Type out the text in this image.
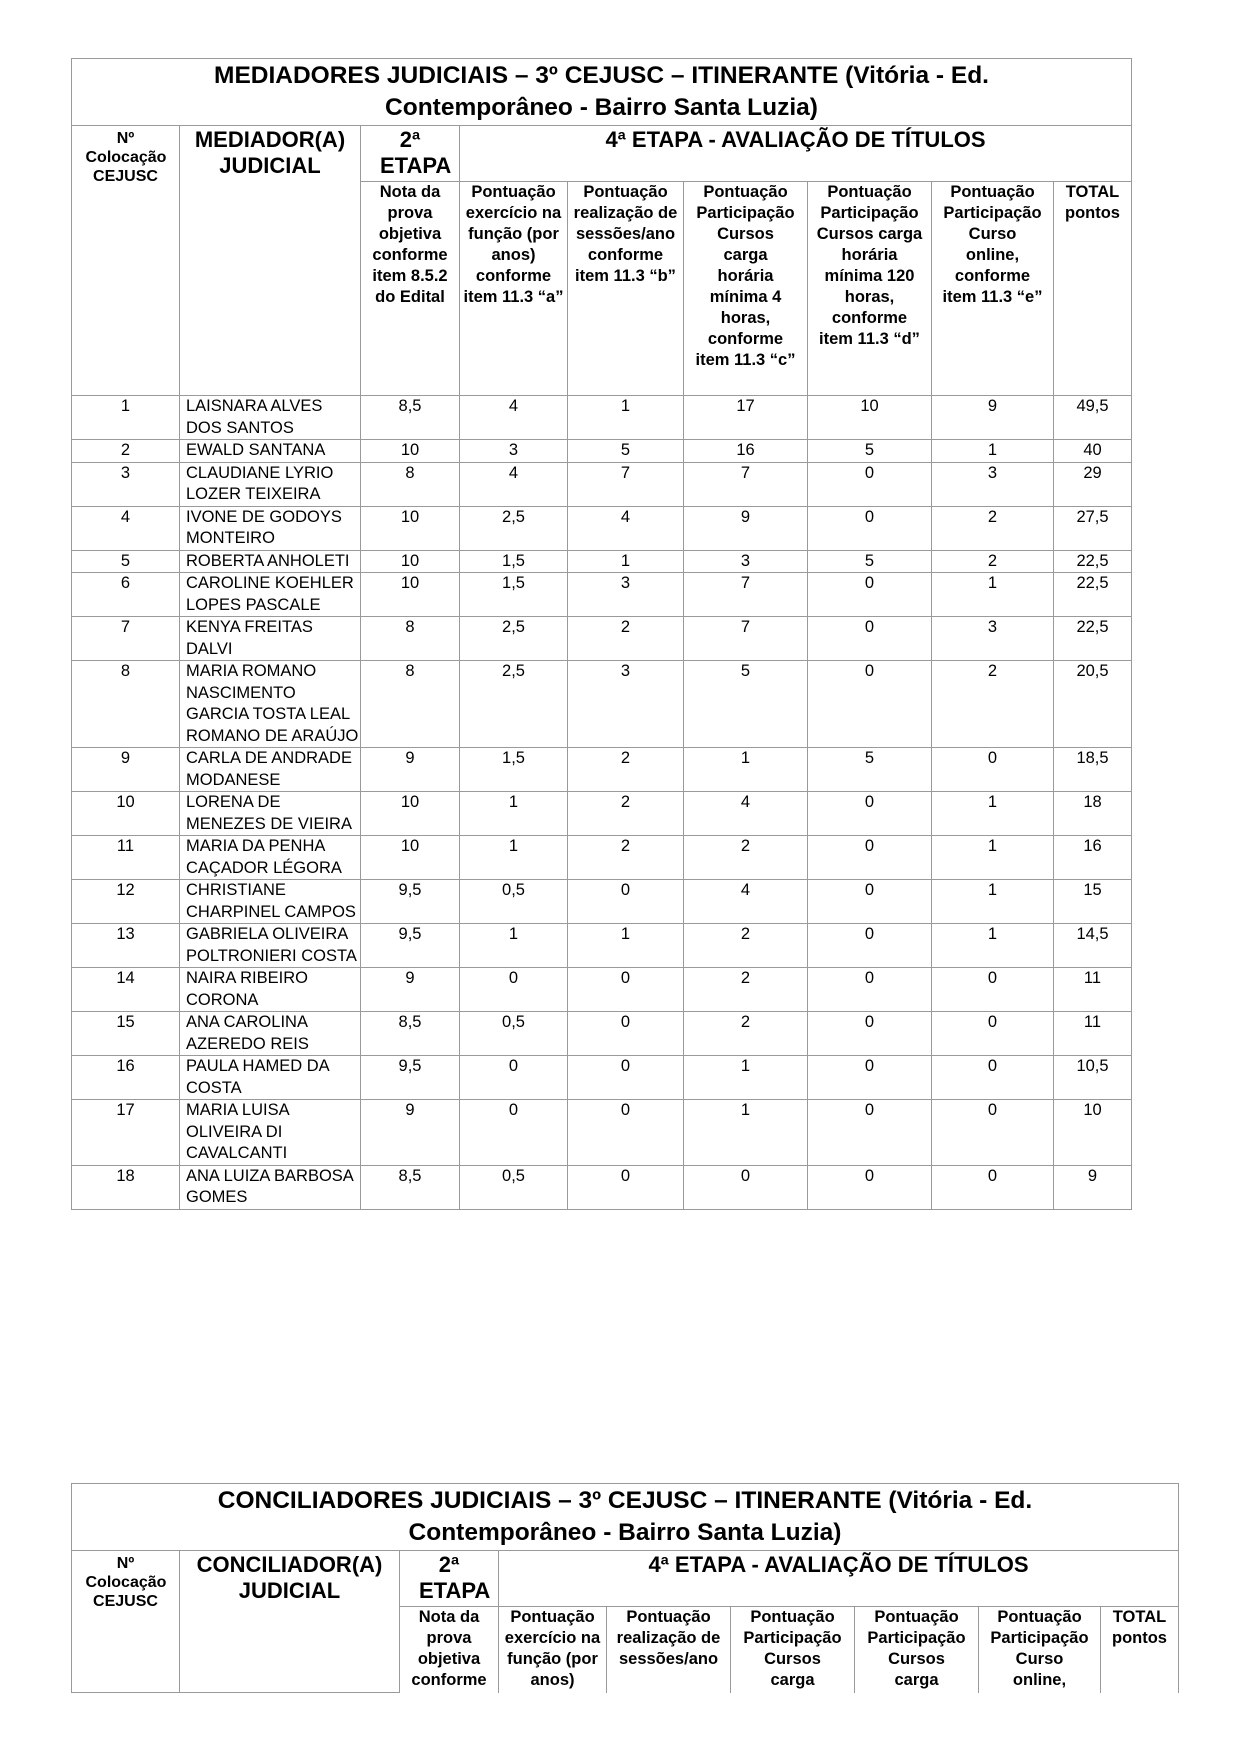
MEDIADORES JUDICIAIS – 3º CEJUSC – ITINERANTE (Vitória - Ed.
Contemporâneo - Bairro Santa Luzia)								

Nº Colocação CEJUSC	MEDIADOR(A) JUDICIAL	2ª ETAPA	4ª ETAPA - AVALIAÇÃO DE TÍTULOS					

		Nota da prova objetiva conforme item 8.5.2 do Edital	Pontuação exercício na função (por anos) conforme item 11.3 “a”	Pontuação realização de sessões/ano conforme item 11.3 “b”	Pontuação Participação Cursos carga horária mínima 4 horas, conforme item 11.3 “c”	Pontuação Participação Cursos carga horária mínima 120 horas, conforme item 11.3 “d”	Pontuação Participação Curso online, conforme item 11.3 “e”	TOTAL pontos

1	LAISNARA ALVES DOS SANTOS	8,5	4	1	17	10	9	49,5
2	EWALD SANTANA	10	3	5	16	5	1	40
3	CLAUDIANE LYRIO LOZER TEIXEIRA	8	4	7	7	0	3	29
4	IVONE DE GODOYS MONTEIRO	10	2,5	4	9	0	2	27,5
5	ROBERTA ANHOLETI	10	1,5	1	3	5	2	22,5
6	CAROLINE KOEHLER LOPES PASCALE	10	1,5	3	7	0	1	22,5
7	KENYA FREITAS DALVI	8	2,5	2	7	0	3	22,5
8	MARIA ROMANO NASCIMENTO GARCIA TOSTA LEAL ROMANO DE ARAÚJO	8	2,5	3	5	0	2	20,5
9	CARLA DE ANDRADE MODANESE	9	1,5	2	1	5	0	18,5
10	LORENA DE MENEZES DE VIEIRA	10	1	2	4	0	1	18
11	MARIA DA PENHA CAÇADOR LÉGORA	10	1	2	2	0	1	16
12	CHRISTIANE CHARPINEL CAMPOS	9,5	0,5	0	4	0	1	15
13	GABRIELA OLIVEIRA POLTRONIERI COSTA	9,5	1	1	2	0	1	14,5
14	NAIRA RIBEIRO CORONA	9	0	0	2	0	0	11
15	ANA CAROLINA AZEREDO REIS	8,5	0,5	0	2	0	0	11
16	PAULA HAMED DA COSTA	9,5	0	0	1	0	0	10,5
17	MARIA LUISA OLIVEIRA DI CAVALCANTI	9	0	0	1	0	0	10
18	ANA LUIZA BARBOSA GOMES	8,5	0,5	0	0	0	0	9
CONCILIADORES JUDICIAIS – 3º CEJUSC – ITINERANTE (Vitória - Ed.
Contemporâneo - Bairro Santa Luzia)								

Nº Colocação CEJUSC	CONCILIADOR(A) JUDICIAL	2ª ETAPA	4ª ETAPA - AVALIAÇÃO DE TÍTULOS					

		Nota da prova objetiva conforme	Pontuação exercício na função (por anos)	Pontuação realização de sessões/ano	Pontuação Participação Cursos carga	Pontuação Participação Cursos carga	Pontuação Participação Curso online,	TOTAL pontos
